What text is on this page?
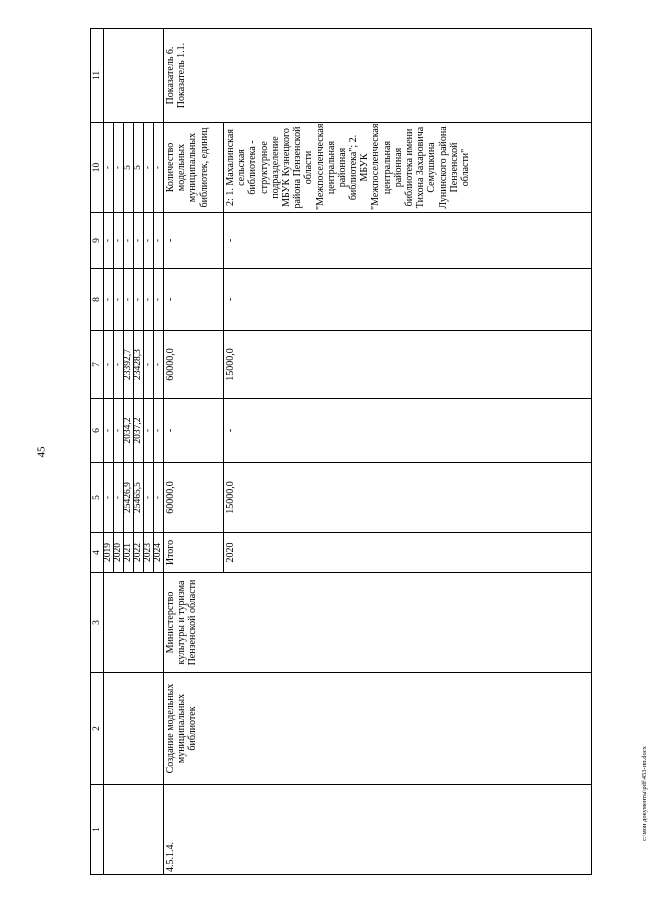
45
c:\мои документы\pdf\453-пп.docx
1	2	3	4	5	6	7	8	9	10	11
			2019	-	-	-	-	-	-	
			2020	-	-	-	-	-	-	
			2021	25426,9	2034,2	23392,7	-	-	5	
			2022	25465,5	2037,2	23428,3	-	-	5	
			2023	-	-	-	-	-	-	
			2024	-	-	-	-	-	-	
4.5.1.4.	Создание модельных муниципальных библиотек	Министерство культуры и туризма Пензенской области	Итого	60000,0	-	60000,0	-	-	Количество модельных муниципальных библиотек, единиц	Показатель 6. Показатель 1.1.
			2020	15000,0	-	15000,0	-	-	2: 1. Махалинская сельская библиотека - структурное подразделение МБУК Кузнецкого района Пензенской области "Межпоселенческая центральная районная библиотека"; 2. МБУК "Межпоселенческая центральная районная библиотека имени Тихона Захаровича Семушкина Лунинского района Пензенской области"	
